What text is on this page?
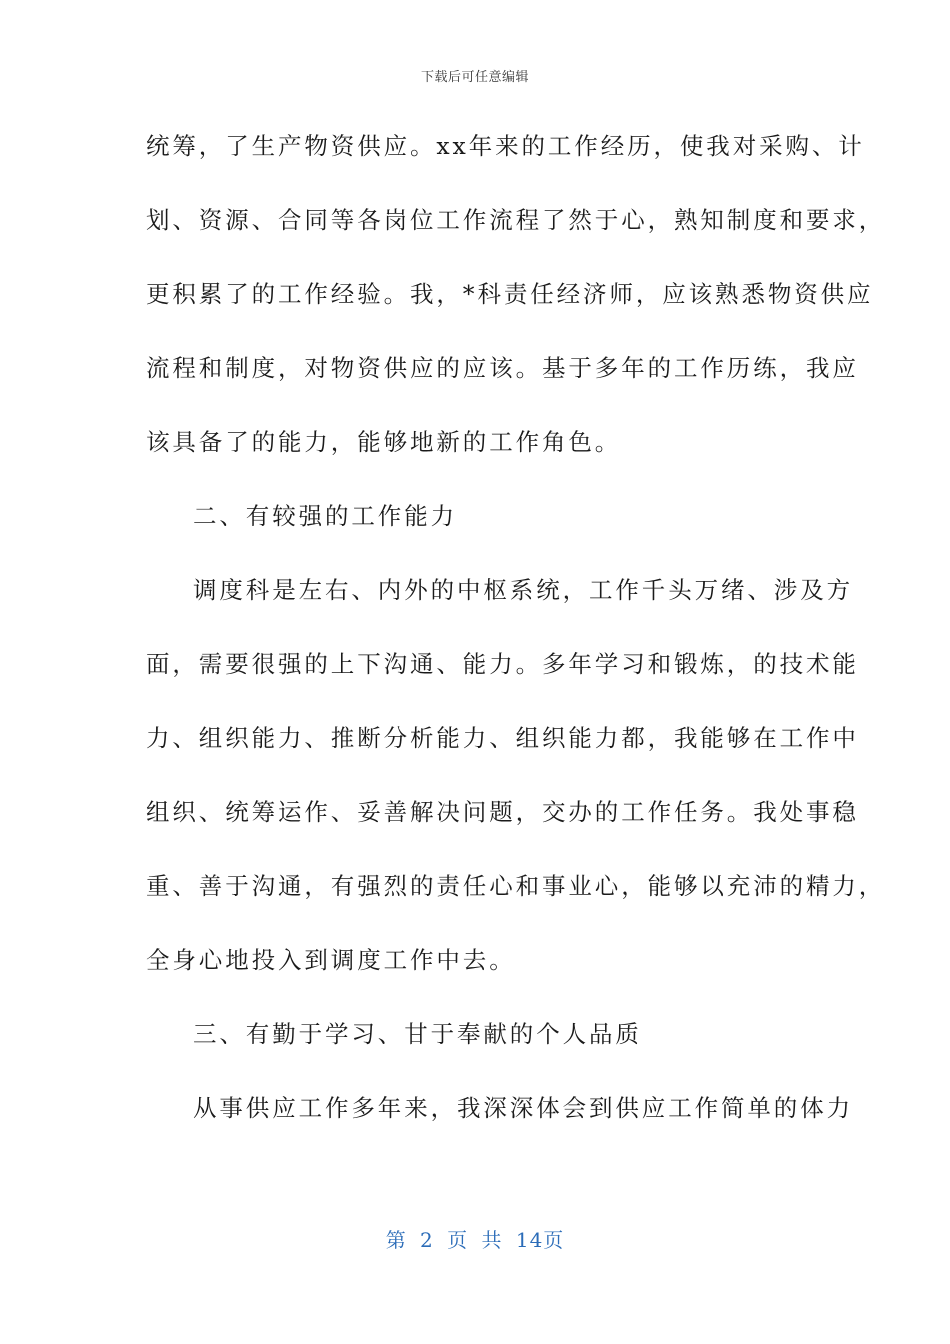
下载后可任意编辑
统筹，了生产物资供应。xx年来的工作经历，使我对采购、计
划、资源、合同等各岗位工作流程了然于心，熟知制度和要求，
更积累了的工作经验。我，*科责任经济师，应该熟悉物资供应
流程和制度，对物资供应的应该。基于多年的工作历练，我应
该具备了的能力，能够地新的工作角色。
二、有较强的工作能力
调度科是左右、内外的中枢系统，工作千头万绪、涉及方
面，需要很强的上下沟通、能力。多年学习和锻炼，的技术能
力、组织能力、推断分析能力、组织能力都，我能够在工作中
组织、统筹运作、妥善解决问题，交办的工作任务。我处事稳
重、善于沟通，有强烈的责任心和事业心，能够以充沛的精力，
全身心地投入到调度工作中去。
三、有勤于学习、甘于奉献的个人品质
从事供应工作多年来，我深深体会到供应工作简单的体力
第 2 页 共 14页
